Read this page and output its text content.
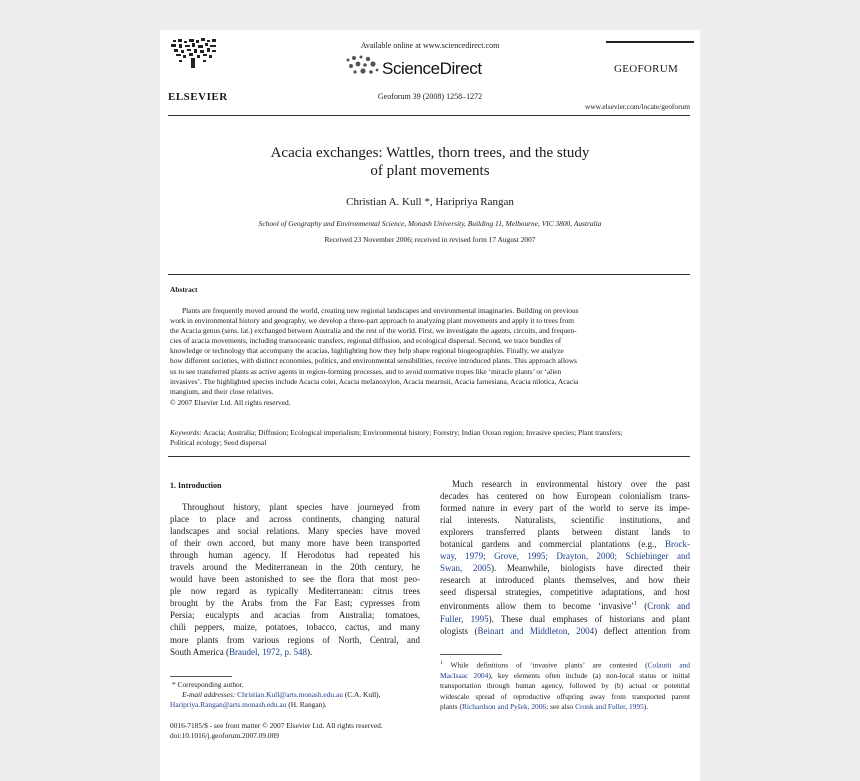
ELSEVIER
Available online at www.sciencedirect.com
ScienceDirect
Geoforum 39 (2008) 1258–1272
GEOFORUM
www.elsevier.com/locate/geoforum
Acacia exchanges: Wattles, thorn trees, and the study
of plant movements
Christian A. Kull *, Haripriya Rangan
School of Geography and Environmental Science, Monash University, Building 11, Melbourne, VIC 3800, Australia
Received 23 November 2006; received in revised form 17 August 2007
Abstract
Plants are frequently moved around the world, creating new regional landscapes and environmental imaginaries. Building on previous
work in environmental history and geography, we develop a three-part approach to analyzing plant movements and apply it to trees from
the Acacia genus (sens. lat.) exchanged between Australia and the rest of the world. First, we investigate the agents, circuits, and frequen-
cies of acacia movements, including transoceanic transfers, regional diffusion, and ecological dispersal. Second, we trace bundles of
knowledge or technology that accompany the acacias, highlighting how they help shape regional biogeographies. Finally, we analyze
how different societies, with distinct economies, politics, and environmental sensibilities, receive introduced plants. This approach allows
us to see transferred plants as active agents in region-forming processes, and to avoid normative tropes like ‘miracle plants’ or ‘alien
invasives’. The highlighted species include Acacia colei, Acacia melanoxylon, Acacia mearnsii, Acacia farnesiana, Acacia nilotica, Acacia
mangium, and their close relatives.
© 2007 Elsevier Ltd. All rights reserved.
Keywords: Acacia; Australia; Diffusion; Ecological imperialism; Environmental history; Forestry; Indian Ocean region; Invasive species; Plant transfers;
Political ecology; Seed dispersal
1. Introduction
Throughout history, plant species have journeyed from
place to place and across continents, changing natural
landscapes and social relations. Many species have moved
of their own accord, but many more have been transported
through human agency. If Herodotus had repeated his
travels around the Mediterranean in the 20th century, he
would have been astonished to see the flora that most peo-
ple now regard as typically Mediterranean: citrus trees
brought by the Arabs from the Far East; cypresses from
Persia; eucalypts and acacias from Australia; tomatoes,
chili peppers, maize, potatoes, tobacco, cactus, and many
more plants from various regions of North, Central, and
South America (Braudel, 1972, p. 548).
Much research in environmental history over the past
decades has centered on how European colonialism trans-
formed nature in every part of the world to serve its impe-
rial interests. Naturalists, scientific institutions, and
explorers transferred plants between distant lands to
botanical gardens and commercial plantations (e.g., Brock-
way, 1979; Grove, 1995; Drayton, 2000; Schiebinger and
Swan, 2005). Meanwhile, biologists have directed their
research at introduced plants themselves, and how their
seed dispersal strategies, competitive adaptations, and host
environments allow them to become ‘invasive’$^1$ (Cronk and
Fuller, 1995). These dual emphases of historians and plant
ologists (Beinart and Middleton, 2004) deflect attention from
* Corresponding author.
E-mail addresses: Christian.Kull@arts.monash.edu.au (C.A. Kull),
Haripriya.Rangan@arts.monash.edu.au (H. Rangan).
0016-7185/$ - see front matter © 2007 Elsevier Ltd. All rights reserved.
doi:10.1016/j.geoforum.2007.09.009
$^1$ While definitions of ‘invasive plants’ are contested (Colautti and
MacIsaac 2004), key elements often include (a) non-local status or initial
transportation through human agency, followed by (b) actual or potential
widescale spread of reproductive offspring away from transported parent
plants (Richardson and Pyšek, 2006; see also Cronk and Fuller, 1995).
